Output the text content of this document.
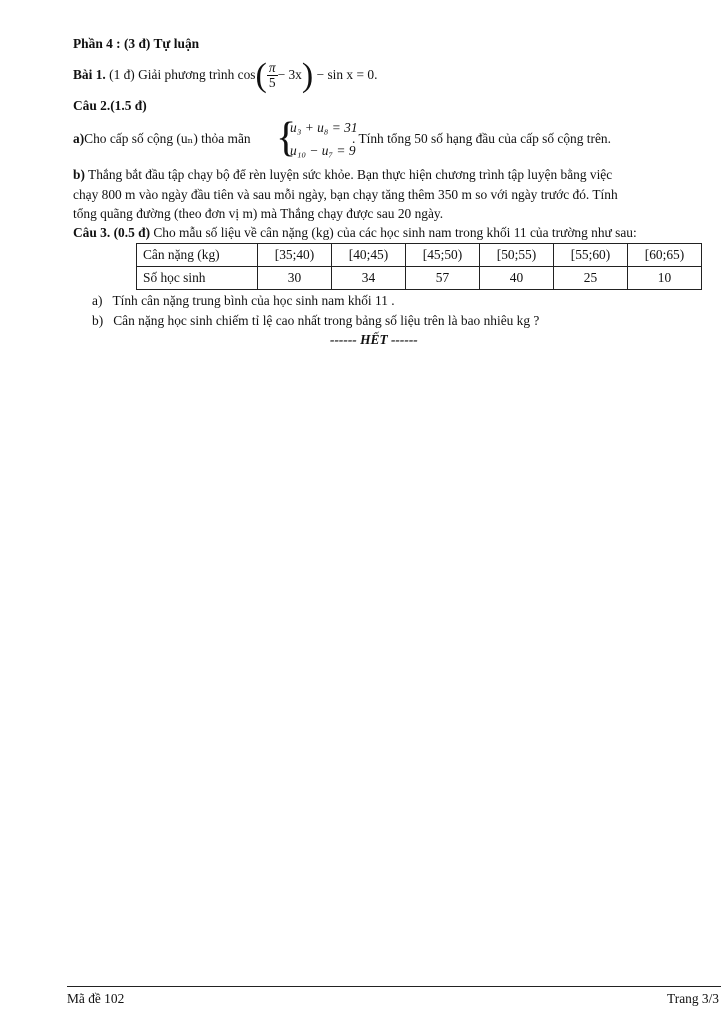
Phần 4 : (3 đ) Tự luận
Bài 1. (1 đ) Giải phương trình $\cos( \frac{\pi}{5} - 3x) - \sin x = 0$.
Câu 2.(1.5 đ)
a)Cho cấp số cộng (uₙ) thỏa mãn {
u₃ + u₈ = 31
u₁₀ − u₇ = 9
. Tính tổng 50 số hạng đầu của cấp số cộng trên.
b) Thắng bắt đầu tập chạy bộ để rèn luyện sức khỏe. Bạn thực hiện chương trình tập luyện bằng việc
chạy 800 m vào ngày đầu tiên và sau mỗi ngày, bạn chạy tăng thêm 350 m so với ngày trước đó. Tính
tổng quãng đường (theo đơn vị m) mà Thắng chạy được sau 20 ngày.
Câu 3. (0.5 đ) Cho mẫu số liệu về cân nặng (kg) của các học sinh nam trong khối 11 của trường như sau:
Cân nặng (kg)	[35;40)	[40;45)	[45;50)	[50;55)	[55;60)	[60;65)
Số học sinh	30	34	57	40	25	10
a) Tính cân nặng trung bình của học sinh nam khối 11 .
b) Cân nặng học sinh chiếm tỉ lệ cao nhất trong bảng số liệu trên là bao nhiêu kg ?
------ HẾT ------
Mã đề 102	Trang 3/3
